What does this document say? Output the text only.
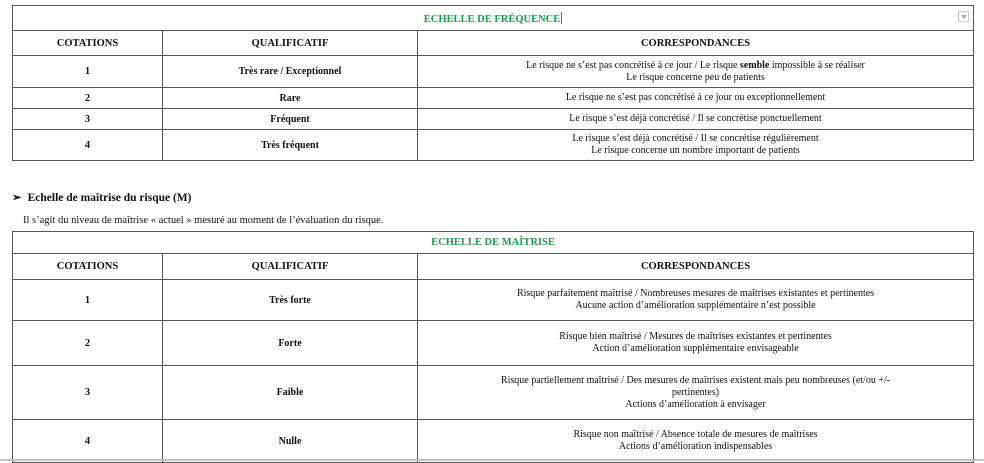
ECHELLE DE FRÉQUENCE		

COTATIONS	QUALIFICATIF	CORRESPONDANCES
1	Très rare / Exceptionnel	Le risque ne s’est pas concrétisé à ce jour / Le risque semble impossible à se réaliser
Le risque concerne peu de patients

2	Rare	Le risque ne s’est pas concrétisé à ce jour ou exceptionnellement

3	Fréquent	Le risque s’est déjà concrétisé / Il se concrétise ponctuellement

4	Très fréquent	Le risque s’est déjà concrétisé / Il se concrétise régulièrement
Le risque concerne un nombre important de patients
➢ Echelle de maîtrise du risque (M)
Il s’agit du niveau de maîtrise « actuel » mesuré au moment de l’évaluation du risque.
ECHELLE DE MAÎTRISE		
COTATIONS	QUALIFICATIF	CORRESPONDANCES
1	Très forte	Risque parfaitement maîtrisé / Nombreuses mesures de maîtrises existantes et pertinentes
Aucune action d’amélioration supplémentaire n’est possible

2	Forte	Risque bien maîtrisé / Mesures de maîtrises existantes et pertinentes
Action d’amélioration supplémentaire envisageable

3	Faible	Risque partiellement maîtrisé / Des mesures de maîtrises existent mais peu nombreuses (et/ou +/-
pertinentes)
Actions d’amélioration à envisager

4	Nulle	Risque non maîtrisé / Absence totale de mesures de maîtrises
Actions d’amélioration indispensables
